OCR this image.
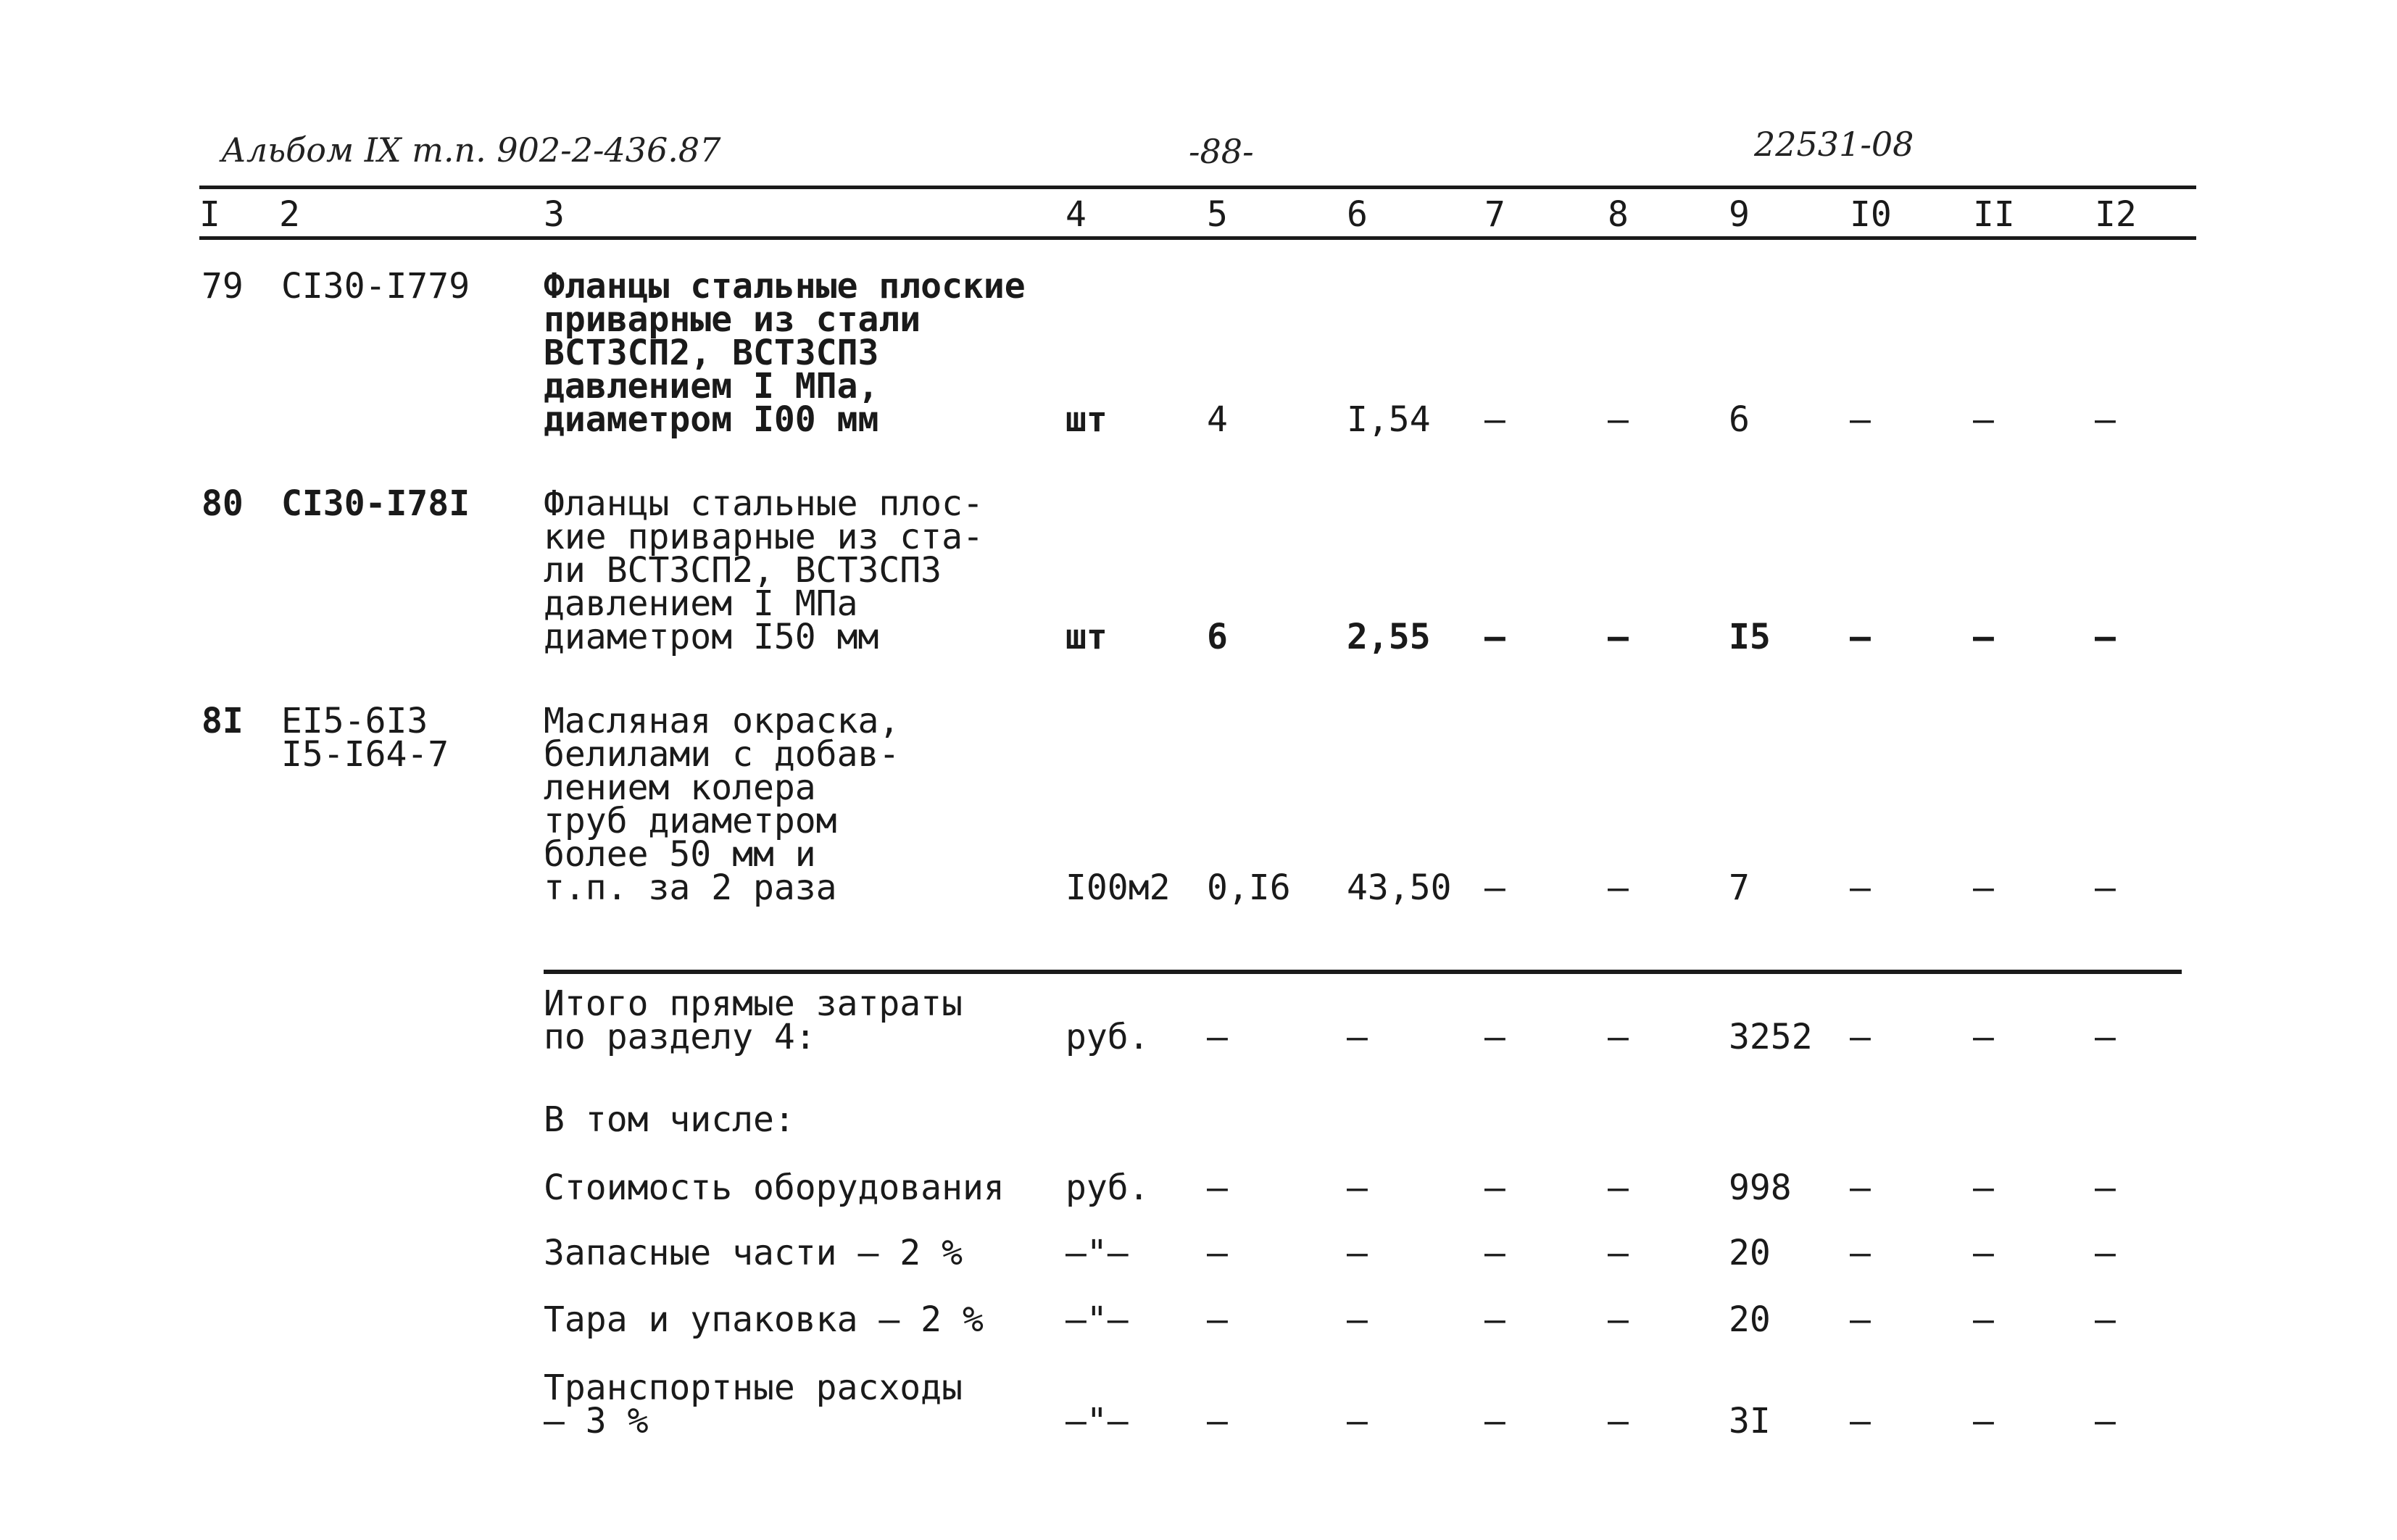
Альбом IX т.п. 902-2-436.87	-88-	22531-08
I 2	3	4	5	6	7	8	9	I0 II I2
79 CI30-I779 Фланцы стальные плоские
приварные из стали
ВСТ3СП2, ВСТ3СП3
давлением I МПа,
диаметром I00 мм	шт	4	I,54 –	–	6	–	–	–
80 CI30-I78I Фланцы стальные плос-
кие приварные из ста-
ли ВСТ3СП2, ВСТ3СП3
давлением I МПа
диаметром I50 мм	шт	6	2,55 –	–	I5 –	–	–
8I EI5-6I3
I5-I64-7
Масляная окраска,
белилами с добав-
лением колера
труб диаметром
более 50 мм и
т.п. за 2 раза	I00м2 0,I6 43,50 –	–	7	–	–	–
Итого прямые затраты
по разделу 4:	руб. –	–	–	–	3252 –	–	–
В том числе:
Стоимость оборудования руб. –	–	–	–	998 –	–	–
Запасные части – 2 %	–"– –	–	–	–	20 –	–	–
Тара и упаковка – 2 % –"– –	–	–	–	20 –	–	–
Транспортные расходы
– 3 %	–"– –	–	–	–	3I –	–	–
